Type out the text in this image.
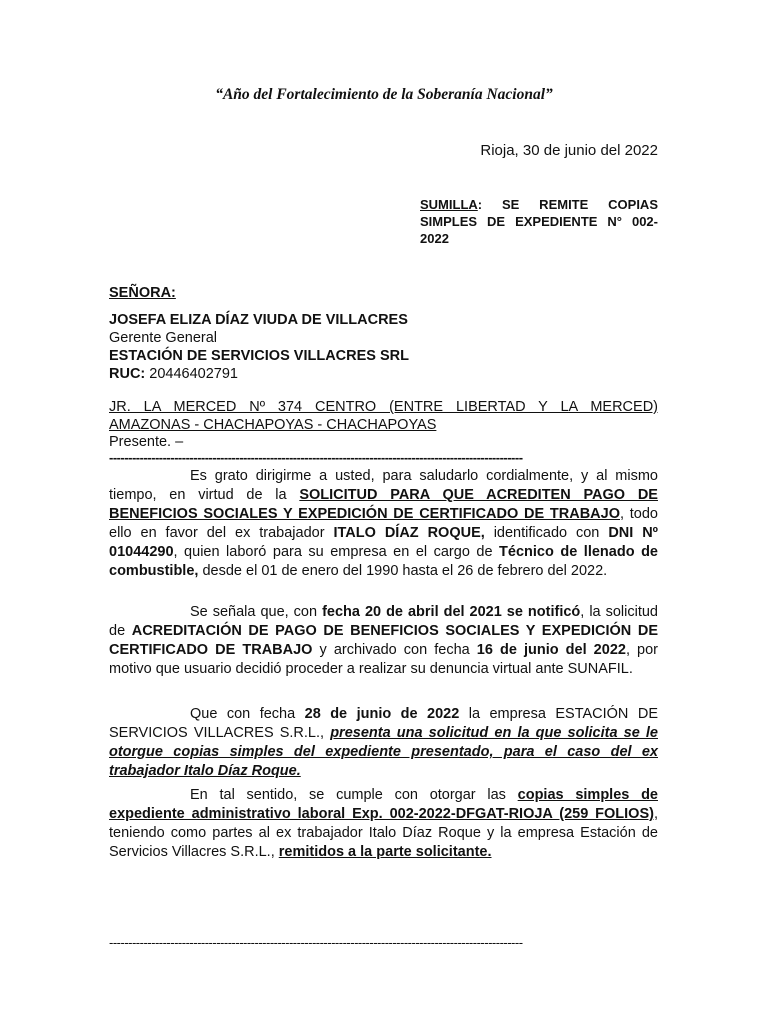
“Año del Fortalecimiento de la Soberanía Nacional”
Rioja, 30 de junio del 2022
SUMILLA: SE REMITE COPIAS SIMPLES DE EXPEDIENTE N° 002-2022
SEÑORA:
JOSEFA ELIZA DÍAZ VIUDA DE VILLACRES
Gerente General
ESTACIÓN DE SERVICIOS VILLACRES SRL
RUC: 20446402791
JR. LA MERCED Nº 374 CENTRO (ENTRE LIBERTAD Y LA MERCED)
AMAZONAS - CHACHAPOYAS - CHACHAPOYAS
Presente. –
------------------------------------------------------------------------------------------------------------

Es grato dirigirme a usted, para saludarlo cordialmente, y al mismo tiempo, en virtud de la SOLICITUD PARA QUE ACREDITEN PAGO DE BENEFICIOS SOCIALES Y EXPEDICIÓN DE CERTIFICADO DE TRABAJO, todo ello en favor del ex trabajador ITALO DÍAZ ROQUE, identificado con DNI Nº 01044290, quien laboró para su empresa en el cargo de Técnico de llenado de combustible, desde el 01 de enero del 1990 hasta el 26 de febrero del 2022.

Se señala que, con fecha 20 de abril del 2021 se notificó, la solicitud de ACREDITACIÓN DE PAGO DE BENEFICIOS SOCIALES Y EXPEDICIÓN DE CERTIFICADO DE TRABAJO y archivado con fecha 16 de junio del 2022, por motivo que usuario decidió proceder a realizar su denuncia virtual ante SUNAFIL.

Que con fecha 28 de junio de 2022 la empresa ESTACIÓN DE SERVICIOS VILLACRES S.R.L., presenta una solicitud en la que solicita se le otorgue copias simples del expediente presentado, para el caso del ex trabajador Italo Díaz Roque.

En tal sentido, se cumple con otorgar las copias simples de expediente administrativo laboral Exp. 002-2022-DFGAT-RIOJA (259 FOLIOS), teniendo como partes al ex trabajador Italo Díaz Roque y la empresa Estación de Servicios Villacres S.R.L., remitidos a la parte solicitante.

------------------------------------------------------------------------------------------------------------
